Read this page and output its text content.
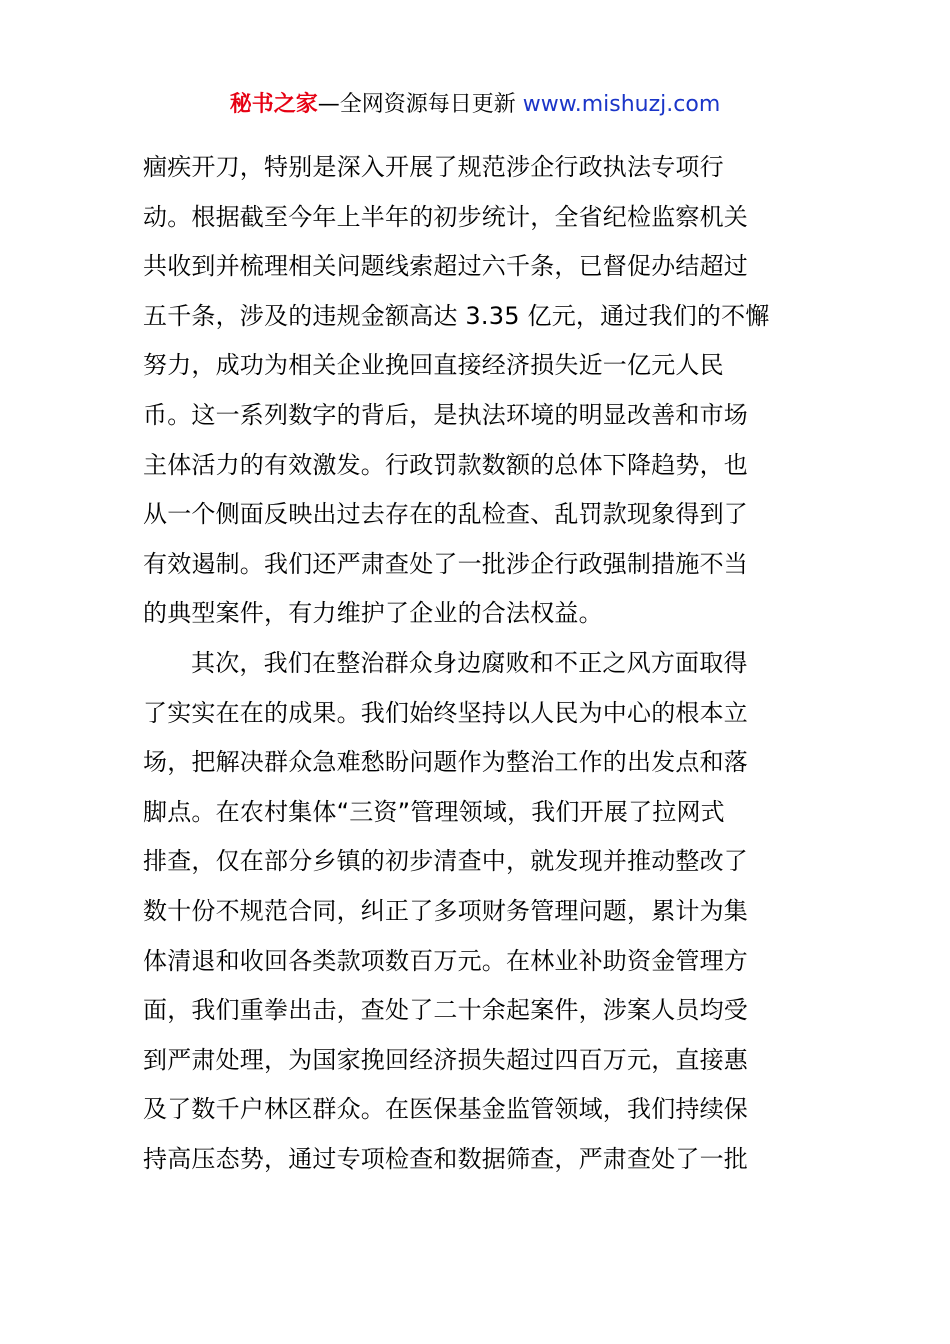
秘书之家—全网资源每日更新 www.mishuzj.com
痼疾开刀，特别是深入开展了规范涉企行政执法专项行
动。根据截至今年上半年的初步统计，全省纪检监察机关
共收到并梳理相关问题线索超过六千条，已督促办结超过
五千条，涉及的违规金额高达 3.35 亿元，通过我们的不懈
努力，成功为相关企业挽回直接经济损失近一亿元人民
币。这一系列数字的背后，是执法环境的明显改善和市场
主体活力的有效激发。行政罚款数额的总体下降趋势，也
从一个侧面反映出过去存在的乱检查、乱罚款现象得到了
有效遏制。我们还严肃查处了一批涉企行政强制措施不当
的典型案件，有力维护了企业的合法权益。
其次，我们在整治群众身边腐败和不正之风方面取得
了实实在在的成果。我们始终坚持以人民为中心的根本立
场，把解决群众急难愁盼问题作为整治工作的出发点和落
脚点。在农村集体“三资”管理领域，我们开展了拉网式
排查，仅在部分乡镇的初步清查中，就发现并推动整改了
数十份不规范合同，纠正了多项财务管理问题，累计为集
体清退和收回各类款项数百万元。在林业补助资金管理方
面，我们重拳出击，查处了二十余起案件，涉案人员均受
到严肃处理，为国家挽回经济损失超过四百万元，直接惠
及了数千户林区群众。在医保基金监管领域，我们持续保
持高压态势，通过专项检查和数据筛查，严肃查处了一批
